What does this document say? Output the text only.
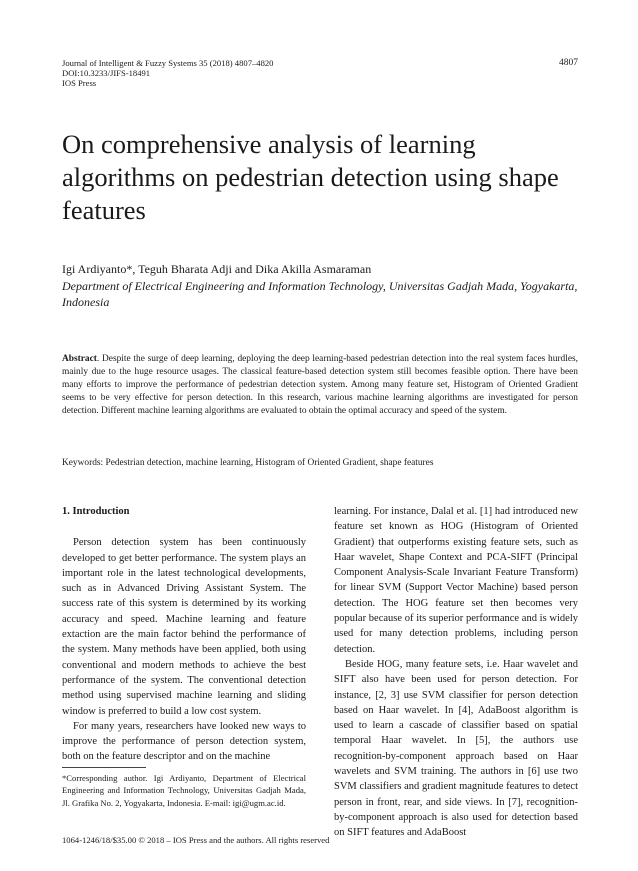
Journal of Intelligent & Fuzzy Systems 35 (2018) 4807–4820
DOI:10.3233/JIFS-18491
IOS Press
4807
On comprehensive analysis of learning algorithms on pedestrian detection using shape features
Igi Ardiyanto*, Teguh Bharata Adji and Dika Akilla Asmaraman
Department of Electrical Engineering and Information Technology, Universitas Gadjah Mada, Yogyakarta, Indonesia
Abstract. Despite the surge of deep learning, deploying the deep learning-based pedestrian detection into the real system faces hurdles, mainly due to the huge resource usages. The classical feature-based detection system still becomes feasible option. There have been many efforts to improve the performance of pedestrian detection system. Among many feature set, Histogram of Oriented Gradient seems to be very effective for person detection. In this research, various machine learning algorithms are investigated for person detection. Different machine learning algorithms are evaluated to obtain the optimal accuracy and speed of the system.
Keywords: Pedestrian detection, machine learning, Histogram of Oriented Gradient, shape features
1. Introduction

Person detection system has been continuously developed to get better performance. The system plays an important role in the latest technological developments, such as in Advanced Driving Assistant System. The success rate of this system is determined by its working accuracy and speed. Machine learning and feature extaction are the main factor behind the performance of the system. Many methods have been applied, both using conventional and modern methods to achieve the best performance of the system. The conventional detection method using supervised machine learning and sliding window is preferred to build a low cost system.

For many years, researchers have looked new ways to improve the performance of person detection system, both on the feature descriptor and on the machine

learning. For instance, Dalal et al. [1] had introduced new feature set known as HOG (Histogram of Oriented Gradient) that outperforms existing feature sets, such as Haar wavelet, Shape Context and PCA-SIFT (Principal Component Analysis-Scale Invariant Feature Transform) for linear SVM (Support Vector Machine) based person detection. The HOG feature set then becomes very popular because of its superior performance and is widely used for many detection problems, including person detection.

Beside HOG, many feature sets, i.e. Haar wavelet and SIFT also have been used for person detection. For instance, [2, 3] use SVM classifier for person detection based on Haar wavelet. In [4], AdaBoost algorithm is used to learn a cascade of classifier based on spatial temporal Haar wavelet. In [5], the authors use recognition-by-component approach based on Haar wavelets and SVM training. The authors in [6] use two SVM classifiers and gradient magnitude features to detect person in front, rear, and side views. In [7], recognition-by-component approach is also used for detection based on SIFT features and AdaBoost

*Corresponding author. Igi Ardiyanto, Department of Electrical Engineering and Information Technology, Universitas Gadjah Mada, Jl. Grafika No. 2, Yogyakarta, Indonesia. E-mail: igi@ugm.ac.id.
1064-1246/18/$35.00 © 2018 – IOS Press and the authors. All rights reserved
